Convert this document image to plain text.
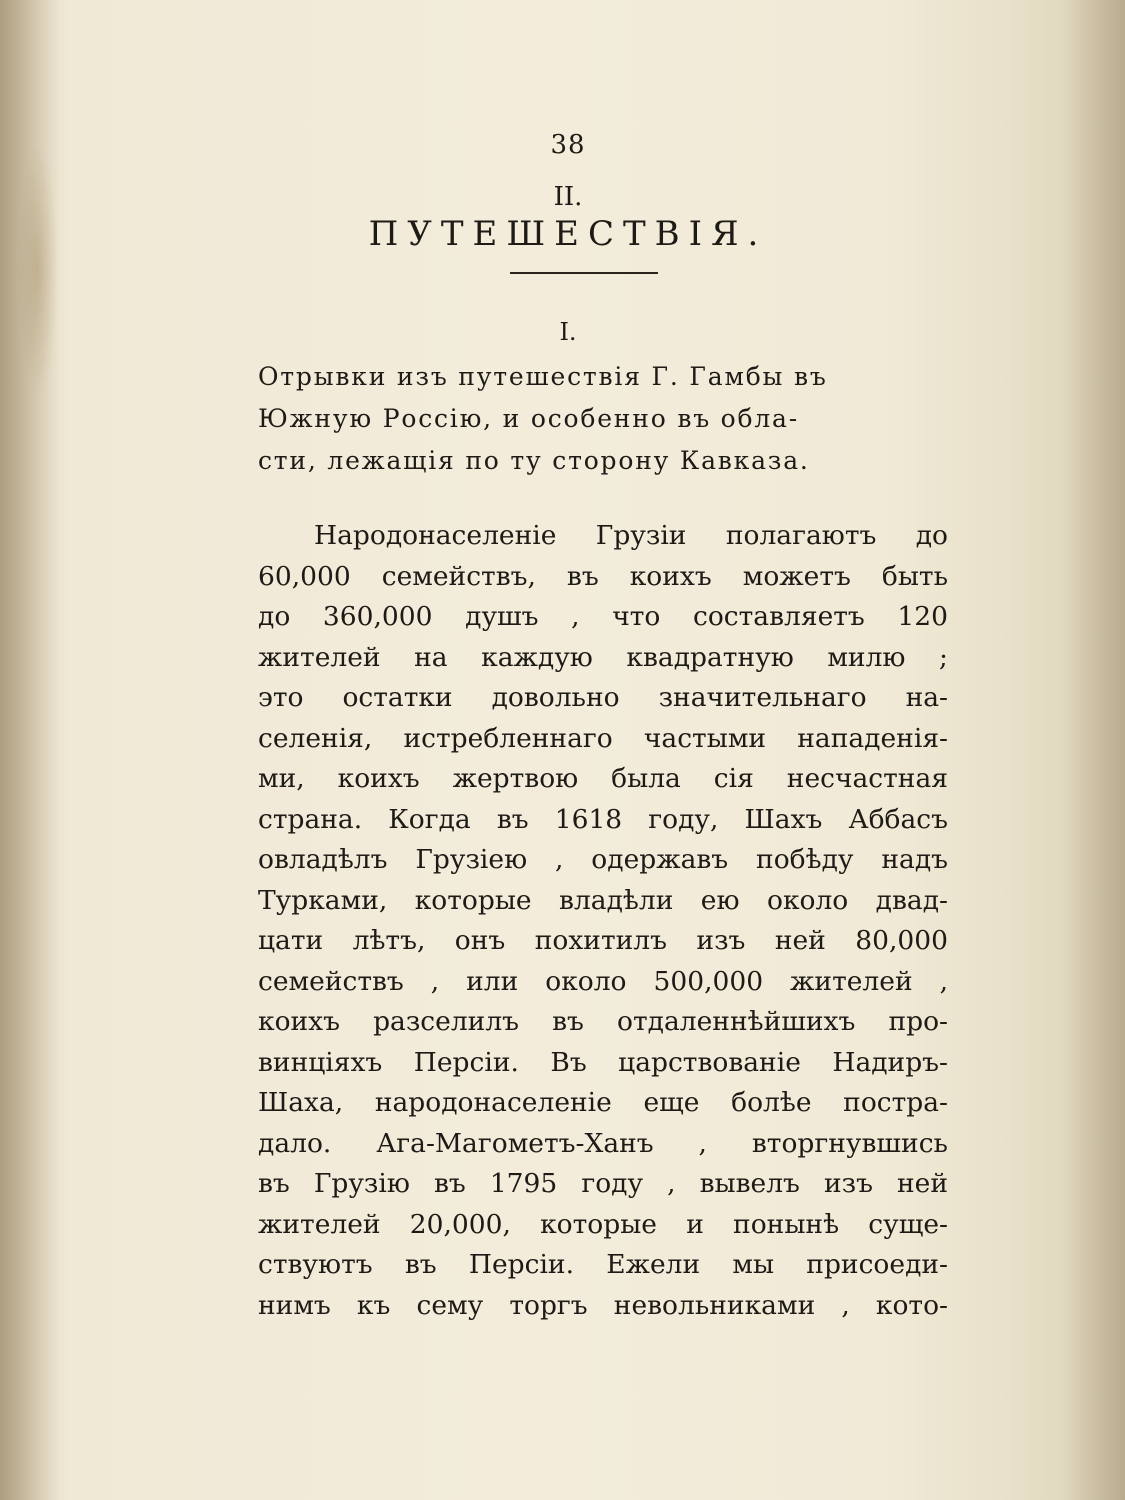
38
II.
ПУТЕШЕСТВІЯ.
I.
Отрывки изъ путешествія Г. Гамбы въ
Южную Россію, и особенно въ обла-
сти, лежащія по ту сторону Кавказа.
Народонаселеніе Грузіи полагаютъ до
60,000 семействъ, въ коихъ можетъ быть
до 360,000 душъ , что составляетъ 120
жителей на каждую квадратную милю ;
это остатки довольно значительнаго на-
селенія, истребленнаго частыми нападенія-
ми, коихъ жертвою была сія несчастная
страна. Когда въ 1618 году, Шахъ Аббасъ
овладѣлъ Грузіею , одержавъ побѣду надъ
Турками, которые владѣли ею около двад-
цати лѣтъ, онъ похитилъ изъ ней 80,000
семействъ , или около 500,000 жителей ,
коихъ разселилъ въ отдаленнѣйшихъ про-
винціяхъ Персіи. Въ царствованіе Надиръ-
Шаха, народонаселеніе еще болѣе постра-
дало. Ага-Магометъ-Ханъ , вторгнувшись
въ Грузію въ 1795 году , вывелъ изъ ней
жителей 20,000, которые и понынѣ суще-
ствуютъ въ Персіи. Ежели мы присоеди-
нимъ къ сему торгъ невольниками , кото-
